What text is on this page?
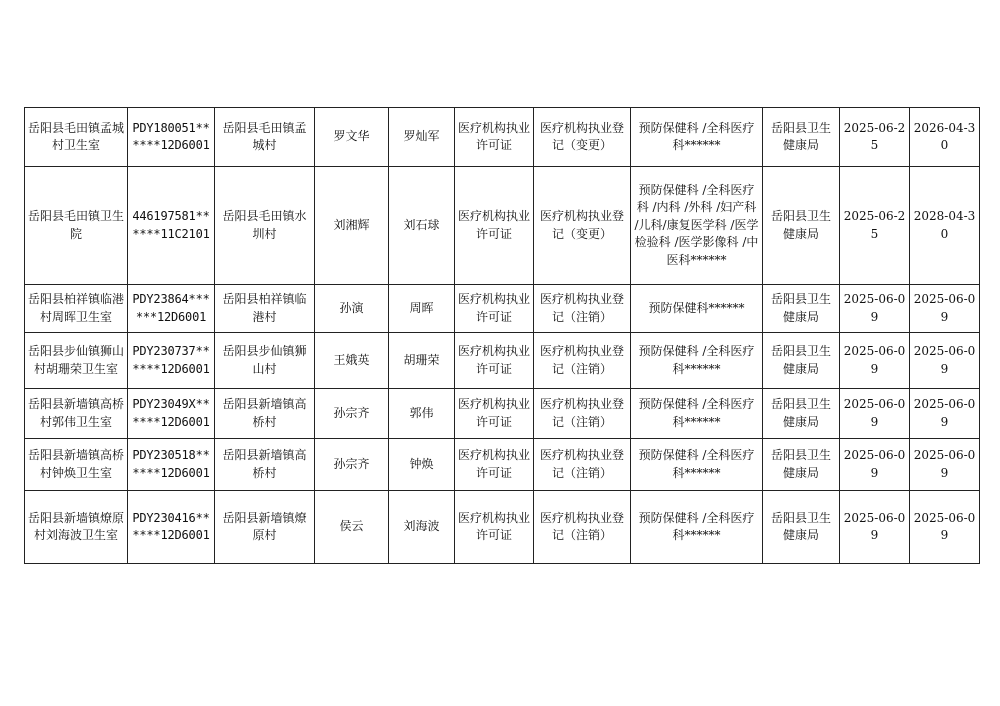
岳阳县毛田镇孟城村卫生室	PDY180051******12D6001	岳阳县毛田镇孟城村	罗文华	罗灿军	医疗机构执业许可证	医疗机构执业登记（变更）	预防保健科 /全科医疗科******	岳阳县卫生健康局	2025-06-25	2026-04-30
岳阳县毛田镇卫生院	446197581******11C2101	岳阳县毛田镇水圳村	刘湘辉	刘石球	医疗机构执业许可证	医疗机构执业登记（变更）	预防保健科 /全科医疗科 /内科 /外科 /妇产科 /儿科/康复医学科 /医学检验科 /医学影像科 /中医科******	岳阳县卫生健康局	2025-06-25	2028-04-30
岳阳县柏祥镇临港村周晖卫生室	PDY23864******12D6001	岳阳县柏祥镇临港村	孙演	周晖	医疗机构执业许可证	医疗机构执业登记（注销）	预防保健科******	岳阳县卫生健康局	2025-06-09	2025-06-09
岳阳县步仙镇狮山村胡珊荣卫生室	PDY230737******12D6001	岳阳县步仙镇狮山村	王娥英	胡珊荣	医疗机构执业许可证	医疗机构执业登记（注销）	预防保健科 /全科医疗科******	岳阳县卫生健康局	2025-06-09	2025-06-09
岳阳县新墙镇高桥村郭伟卫生室	PDY23049X******12D6001	岳阳县新墙镇高桥村	孙宗齐	郭伟	医疗机构执业许可证	医疗机构执业登记（注销）	预防保健科 /全科医疗科******	岳阳县卫生健康局	2025-06-09	2025-06-09
岳阳县新墙镇高桥村钟焕卫生室	PDY230518******12D6001	岳阳县新墙镇高桥村	孙宗齐	钟焕	医疗机构执业许可证	医疗机构执业登记（注销）	预防保健科 /全科医疗科******	岳阳县卫生健康局	2025-06-09	2025-06-09
岳阳县新墙镇燎原村刘海波卫生室	PDY230416******12D6001	岳阳县新墙镇燎原村	侯云	刘海波	医疗机构执业许可证	医疗机构执业登记（注销）	预防保健科 /全科医疗科******	岳阳县卫生健康局	2025-06-09	2025-06-09
